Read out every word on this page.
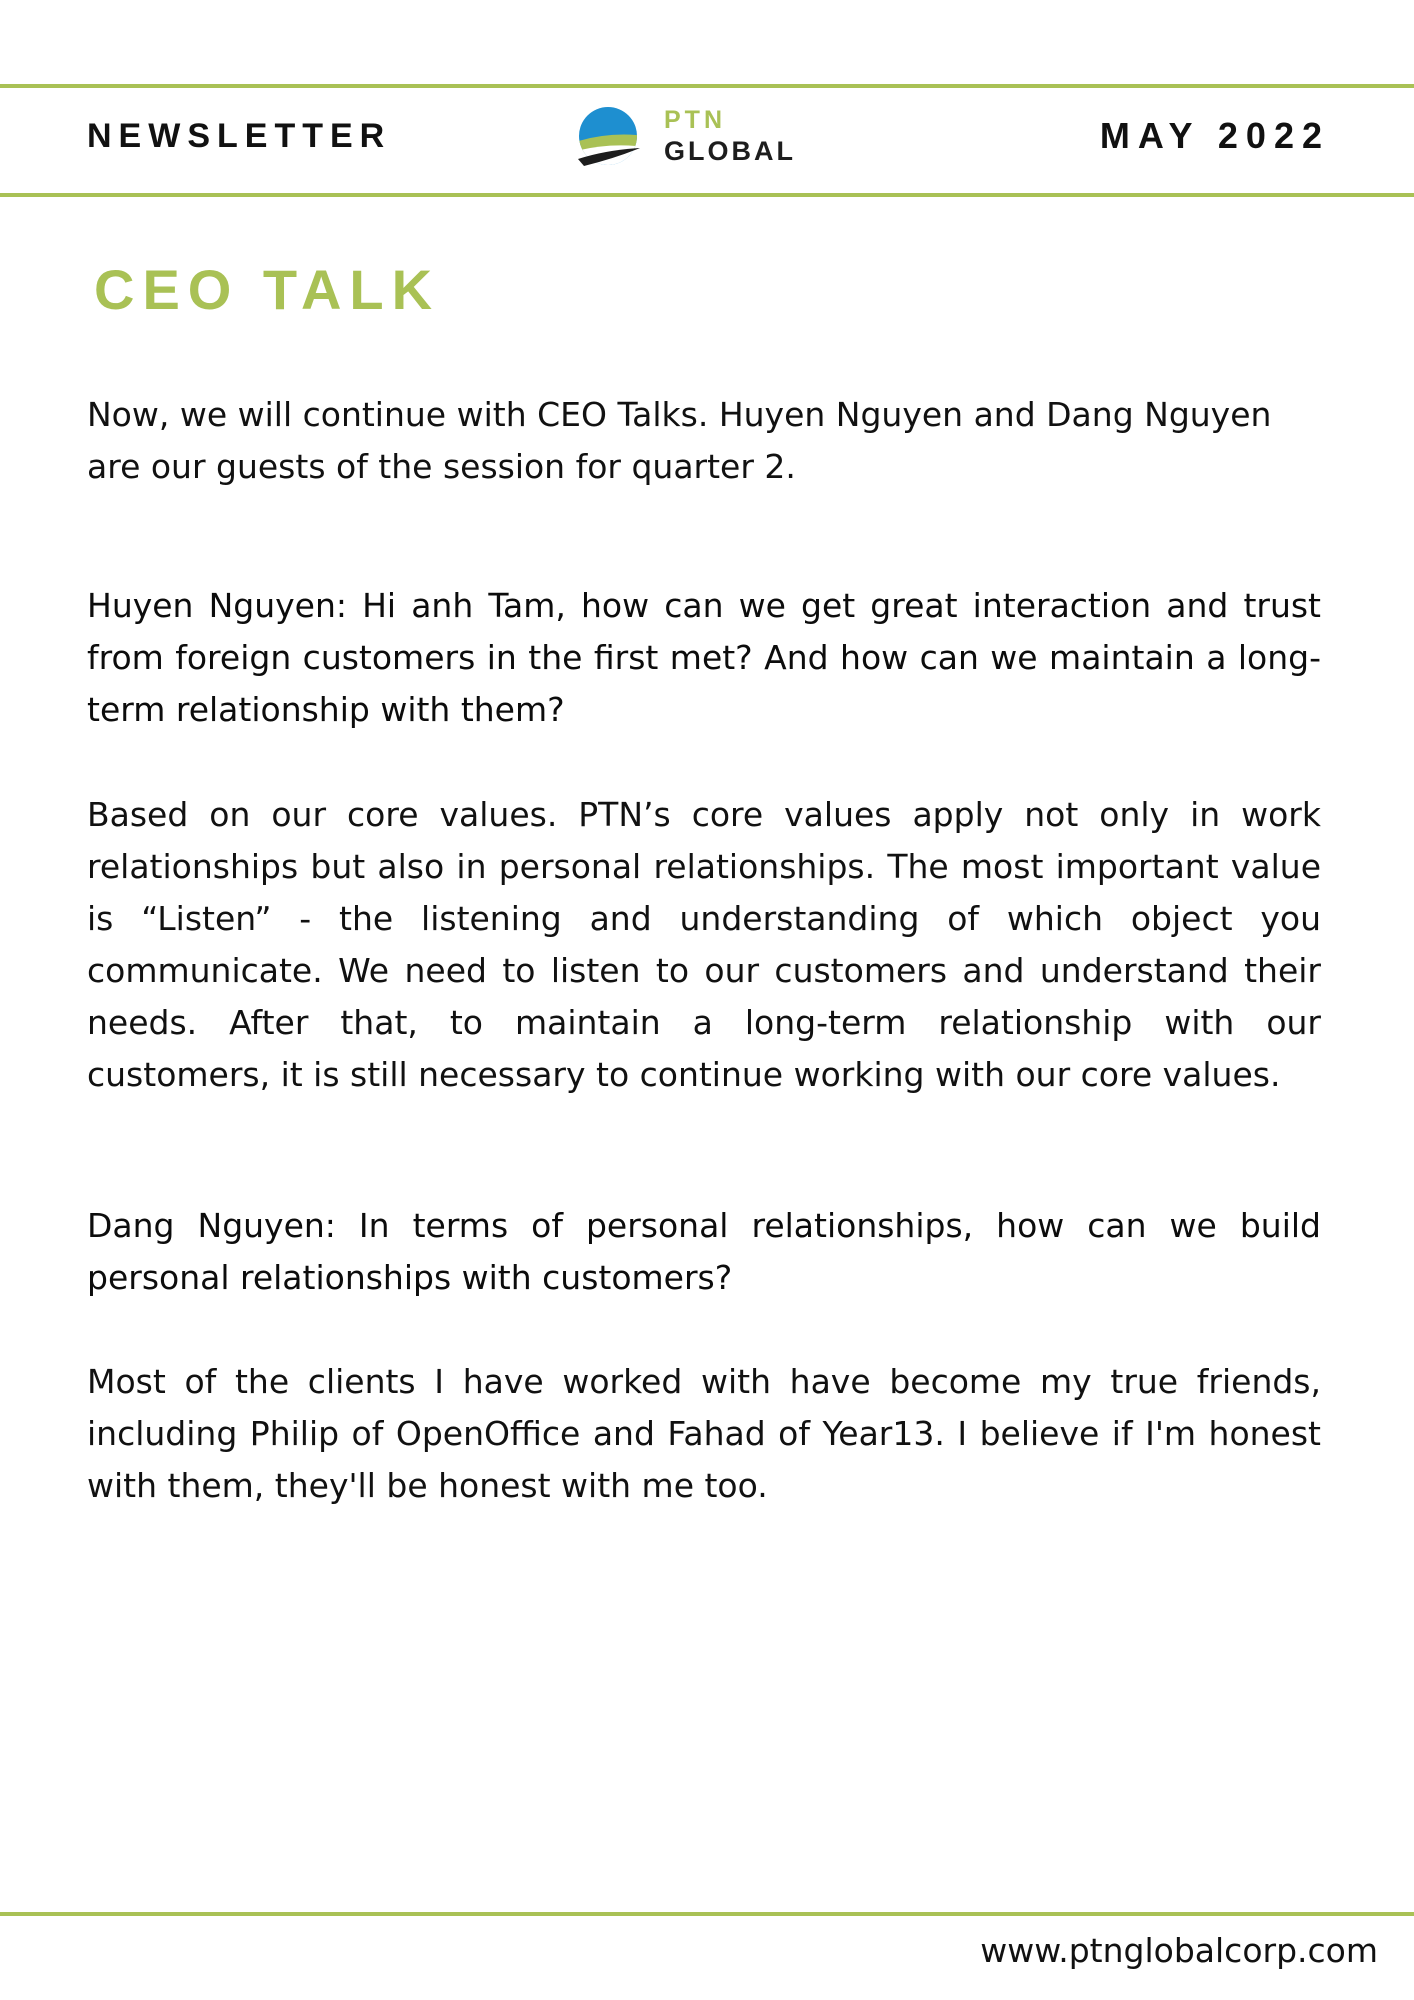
NEWSLETTER	PTN
GLOBAL	MAY 2022
CEO TALK

Now, we will continue with CEO Talks. Huyen Nguyen and Dang Nguyen are our guests of the session for quarter 2.

Huyen Nguyen: Hi anh Tam, how can we get great interaction and trust from foreign customers in the first met? And how can we maintain a long-term relationship with them?

Based on our core values. PTN’s core values apply not only in work relationships but also in personal relationships. The most important value is “Listen” - the listening and understanding of which object you communicate. We need to listen to our customers and understand their needs. After that, to maintain a long-term relationship with our customers, it is still necessary to continue working with our core values.

Dang Nguyen: In terms of personal relationships, how can we build personal relationships with customers?

Most of the clients I have worked with have become my true friends, including Philip of OpenOffice and Fahad of Year13. I believe if I'm honest with them, they'll be honest with me too.

www.ptnglobalcorp.com
